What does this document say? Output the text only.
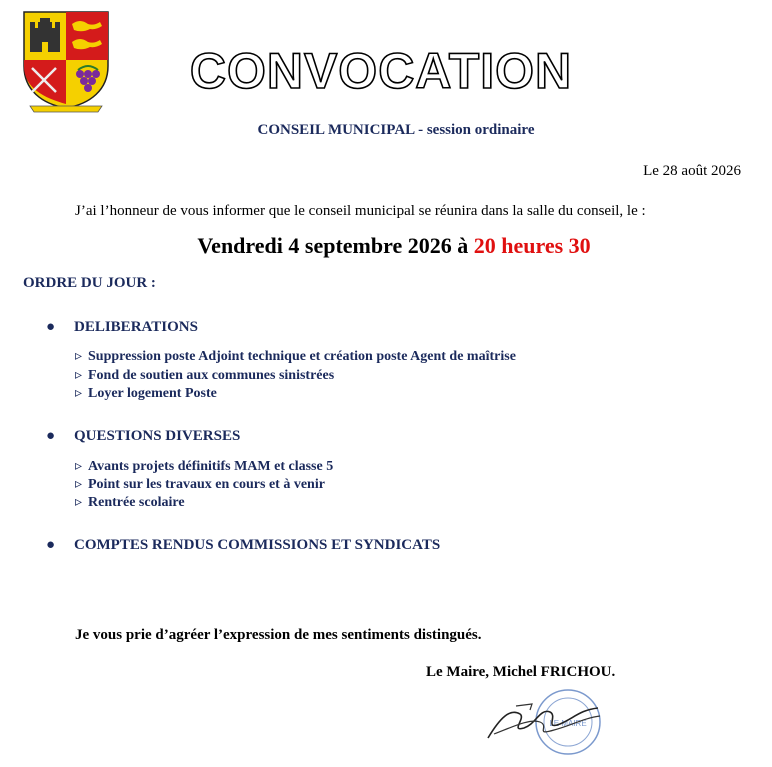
CONVOCATION
CONSEIL MUNICIPAL - session ordinaire
Le 28 août 2026
J’ai l’honneur de vous informer que le conseil municipal se réunira dans la salle du conseil, le :
Vendredi 4 septembre 2026 à 20 heures 30
ORDRE DU JOUR :
● DELIBERATIONS
▹ Suppression poste Adjoint technique et création poste Agent de maîtrise
▹ Fond de soutien aux communes sinistrées
▹ Loyer logement Poste
● QUESTIONS DIVERSES
▹ Avants projets définitifs MAM et classe 5
▹ Point sur les travaux en cours et à venir
▹ Rentrée scolaire
● COMPTES RENDUS COMMISSIONS ET SYNDICATS
Je vous prie d’agréer l’expression de mes sentiments distingués.
Le Maire, Michel FRICHOU.
LE MAIRE
